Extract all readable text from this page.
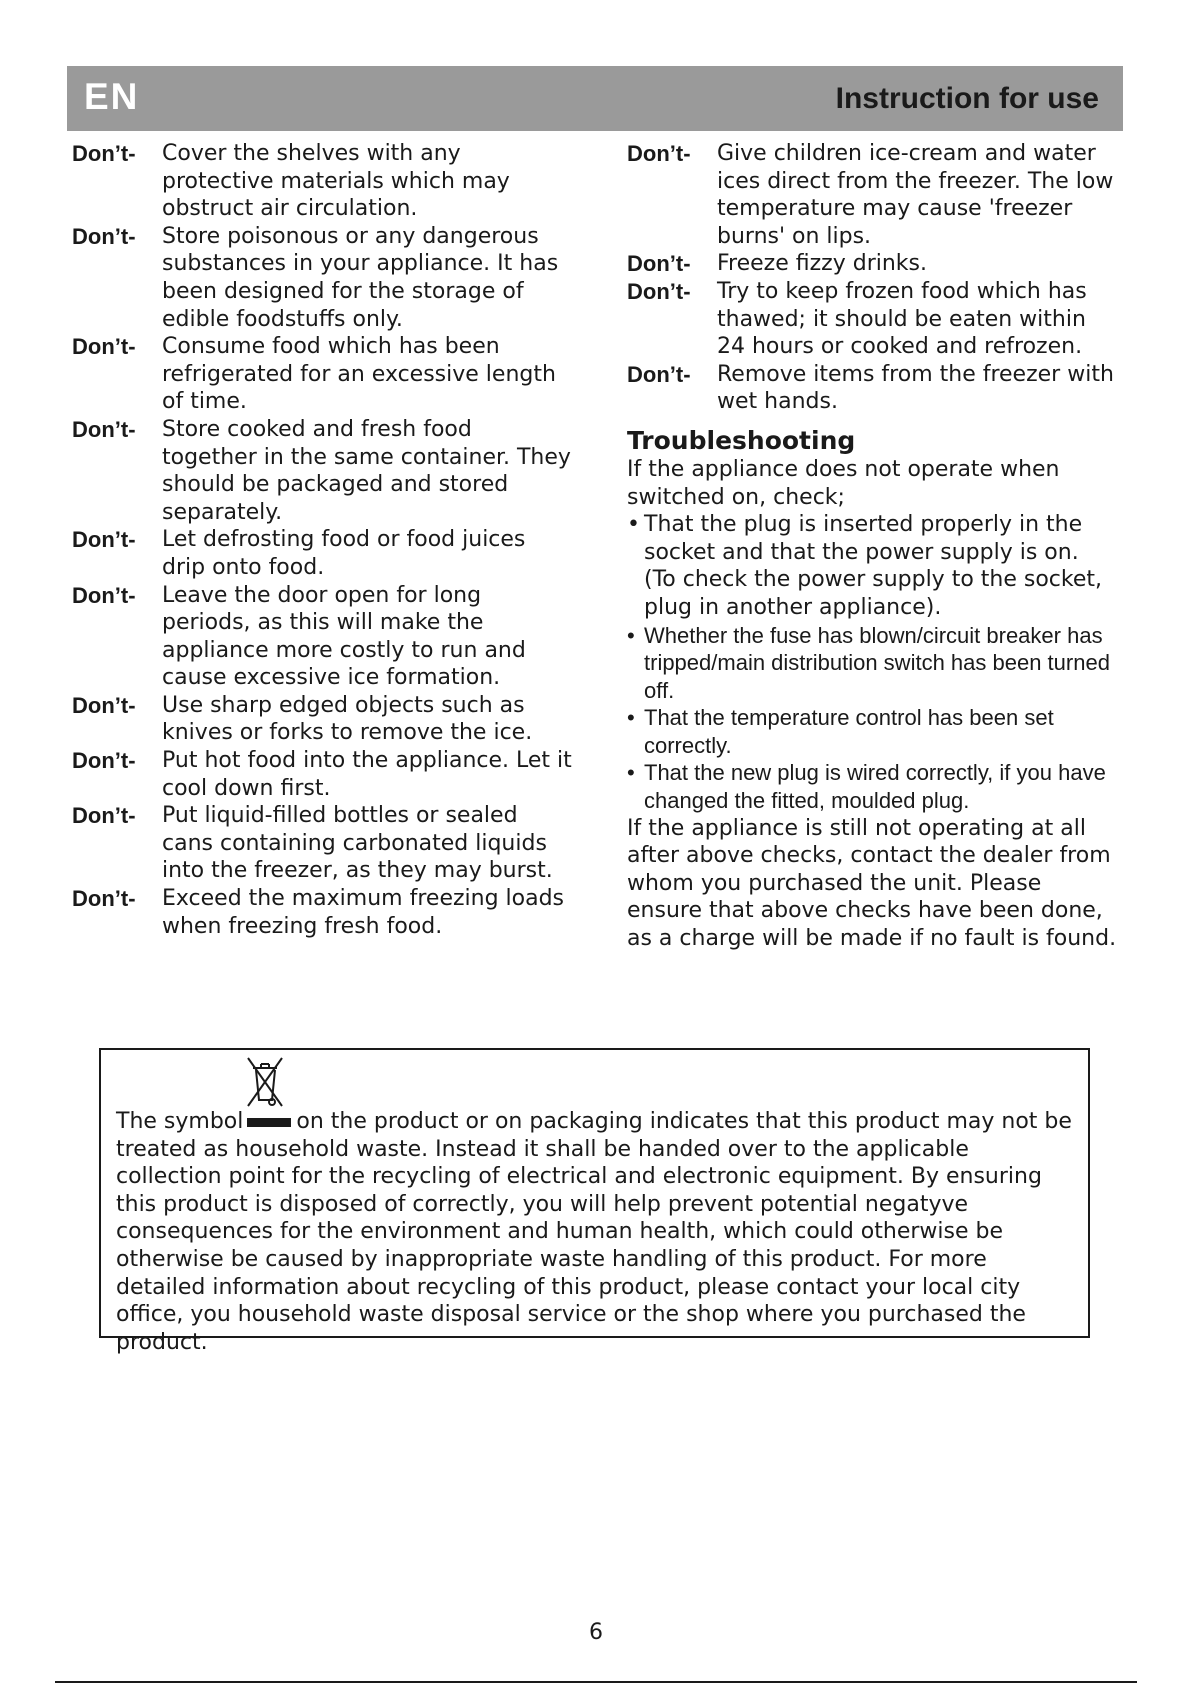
EN	Instruction for use
Don’t-	Cover the shelves with any protective materials which may obstruct air circulation.
Don’t-	Store poisonous or any dangerous substances in your appliance. It has been designed for the storage of edible foodstuffs only.
Don’t-	Consume food which has been refrigerated for an excessive length of time.
Don’t-	Store cooked and fresh food together in the same container. They should be packaged and stored separately.
Don’t-	Let defrosting food or food juices drip onto food.
Don’t-	Leave the door open for long periods, as this will make the appliance more costly to run and cause excessive ice formation.
Don’t-	Use sharp edged objects such as knives or forks to remove the ice.
Don’t-	Put hot food into the appliance. Let it cool down first.
Don’t-	Put liquid-filled bottles or sealed cans containing carbonated liquids into the freezer, as they may burst.
Don’t-	Exceed the maximum freezing loads when freezing fresh food.
Don’t-	Give children ice-cream and water ices direct from the freezer. The low temperature may cause 'freezer burns' on lips.
Don’t-	Freeze fizzy drinks.
Don’t-	Try to keep frozen food which has thawed; it should be eaten within 24 hours or cooked and refrozen.
Don’t-	Remove items from the freezer with wet hands.
Troubleshooting

If the appliance does not operate when switched on, check;

• That the plug is inserted properly in the socket and that the power supply is on. (To check the power supply to the socket, plug in another appliance).
• Whether the fuse has blown/circuit breaker has tripped/main distribution switch has been turned off.
• That the temperature control has been set correctly.
• That the new plug is wired correctly, if you have changed the fitted, moulded plug.

If the appliance is still not operating at all after above checks, contact the dealer from whom you purchased the unit. Please ensure that above checks have been done, as a charge will be made if no fault is found.

The symbol on the product or on packaging indicates that this product may not be treated as household waste. Instead it shall be handed over to the applicable collection point for the recycling of electrical and electronic equipment. By ensuring this product is disposed of correctly, you will help prevent potential negatyve consequences for the environment and human health, which could otherwise be otherwise be caused by inappropriate waste handling of this product. For more detailed information about recycling of this product, please contact your local city office, you household waste disposal service or the shop where you purchased the product.
6
